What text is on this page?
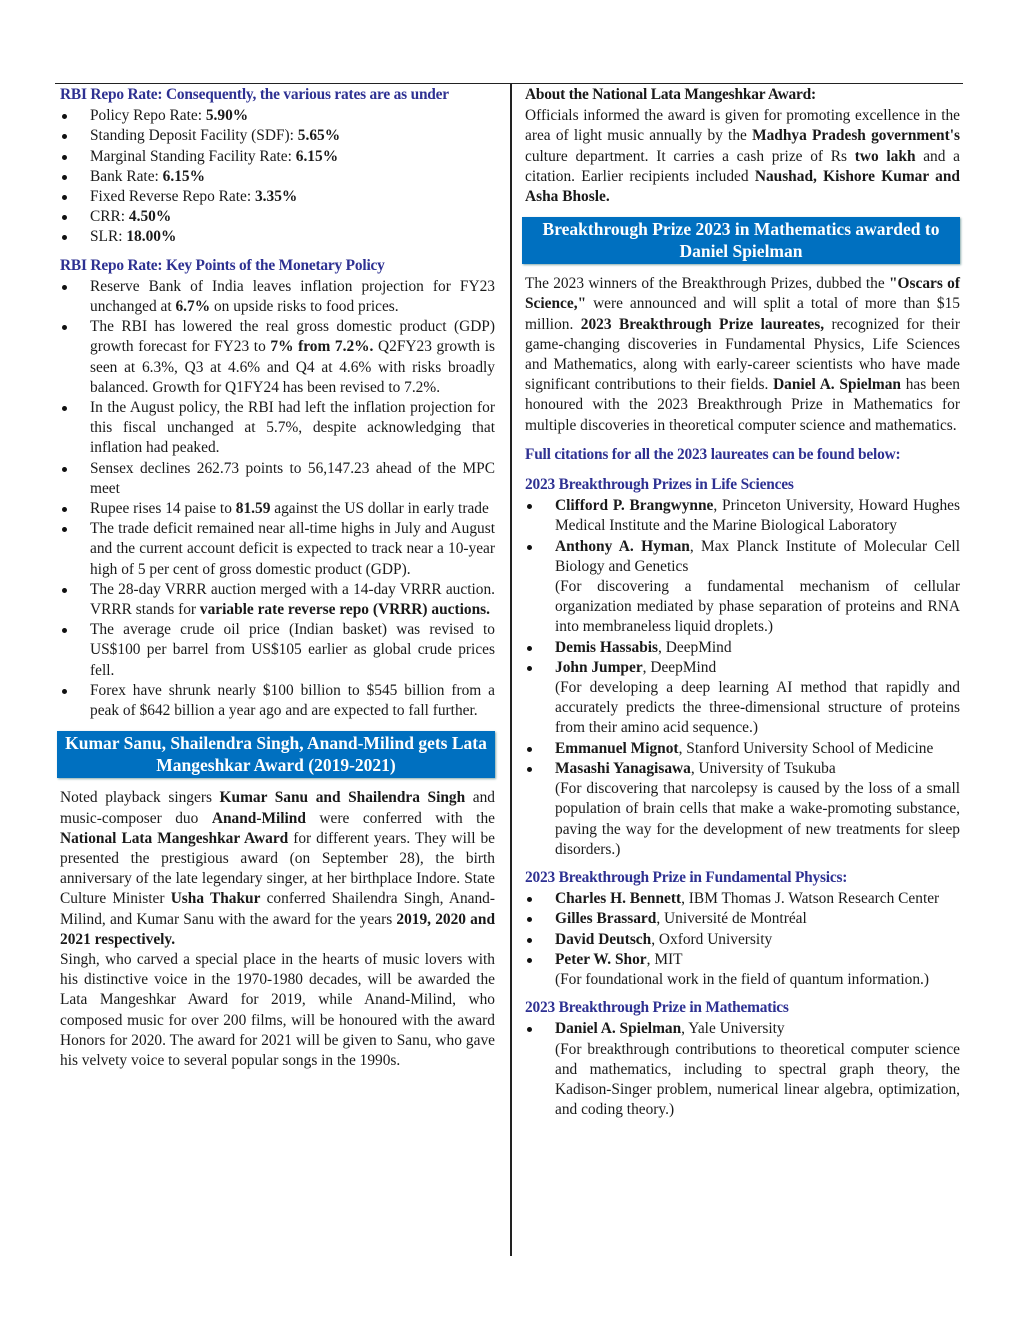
RBI Repo Rate: Consequently, the various rates are as under
Policy Repo Rate: 5.90%
Standing Deposit Facility (SDF): 5.65%
Marginal Standing Facility Rate: 6.15%
Bank Rate: 6.15%
Fixed Reverse Repo Rate: 3.35%
CRR: 4.50%
SLR: 18.00%
RBI Repo Rate: Key Points of the Monetary Policy
Reserve Bank of India leaves inflation projection for FY23 unchanged at 6.7% on upside risks to food prices.
The RBI has lowered the real gross domestic product (GDP) growth forecast for FY23 to 7% from 7.2%. Q2FY23 growth is seen at 6.3%, Q3 at 4.6% and Q4 at 4.6% with risks broadly balanced. Growth for Q1FY24 has been revised to 7.2%.
In the August policy, the RBI had left the inflation projection for this fiscal unchanged at 5.7%, despite acknowledging that inflation had peaked.
Sensex declines 262.73 points to 56,147.23 ahead of the MPC meet
Rupee rises 14 paise to 81.59 against the US dollar in early trade
The trade deficit remained near all-time highs in July and August and the current account deficit is expected to track near a 10-year high of 5 per cent of gross domestic product (GDP).
The 28-day VRRR auction merged with a 14-day VRRR auction. VRRR stands for variable rate reverse repo (VRRR) auctions.
The average crude oil price (Indian basket) was revised to US$100 per barrel from US$105 earlier as global crude prices fell.
Forex have shrunk nearly $100 billion to $545 billion from a peak of $642 billion a year ago and are expected to fall further.
Kumar Sanu, Shailendra Singh, Anand-Milind gets Lata Mangeshkar Award (2019-2021)

Noted playback singers Kumar Sanu and Shailendra Singh and music-composer duo Anand-Milind were conferred with the National Lata Mangeshkar Award for different years. They will be presented the prestigious award (on September 28), the birth anniversary of the late legendary singer, at her birthplace Indore. State Culture Minister Usha Thakur conferred Shailendra Singh, Anand-Milind, and Kumar Sanu with the award for the years 2019, 2020 and 2021 respectively.

Singh, who carved a special place in the hearts of music lovers with his distinctive voice in the 1970-1980 decades, will be awarded the Lata Mangeshkar Award for 2019, while Anand-Milind, who composed music for over 200 films, will be honoured with the award Honors for 2020. The award for 2021 will be given to Sanu, who gave his velvety voice to several popular songs in the 1990s.

About the National Lata Mangeshkar Award:

Officials informed the award is given for promoting excellence in the area of light music annually by the Madhya Pradesh government's culture department. It carries a cash prize of Rs two lakh and a citation. Earlier recipients included Naushad, Kishore Kumar and Asha Bhosle.

Breakthrough Prize 2023 in Mathematics awarded to Daniel Spielman

The 2023 winners of the Breakthrough Prizes, dubbed the "Oscars of Science," were announced and will split a total of more than $15 million. 2023 Breakthrough Prize laureates, recognized for their game-changing discoveries in Fundamental Physics, Life Sciences and Mathematics, along with early-career scientists who have made significant contributions to their fields. Daniel A. Spielman has been honoured with the 2023 Breakthrough Prize in Mathematics for multiple discoveries in theoretical computer science and mathematics.

Full citations for all the 2023 laureates can be found below:
2023 Breakthrough Prizes in Life Sciences
Clifford P. Brangwynne, Princeton University, Howard Hughes Medical Institute and the Marine Biological Laboratory
Anthony A. Hyman, Max Planck Institute of Molecular Cell Biology and Genetics
(For discovering a fundamental mechanism of cellular organization mediated by phase separation of proteins and RNA into membraneless liquid droplets.)
Demis Hassabis, DeepMind
John Jumper, DeepMind
(For developing a deep learning AI method that rapidly and accurately predicts the three-dimensional structure of proteins from their amino acid sequence.)
Emmanuel Mignot, Stanford University School of Medicine
Masashi Yanagisawa, University of Tsukuba
(For discovering that narcolepsy is caused by the loss of a small population of brain cells that make a wake-promoting substance, paving the way for the development of new treatments for sleep disorders.)
2023 Breakthrough Prize in Fundamental Physics:
Charles H. Bennett, IBM Thomas J. Watson Research Center
Gilles Brassard, Université de Montréal
David Deutsch, Oxford University
Peter W. Shor, MIT
(For foundational work in the field of quantum information.)
2023 Breakthrough Prize in Mathematics
Daniel A. Spielman, Yale University
(For breakthrough contributions to theoretical computer science and mathematics, including to spectral graph theory, the Kadison-Singer problem, numerical linear algebra, optimization, and coding theory.)
